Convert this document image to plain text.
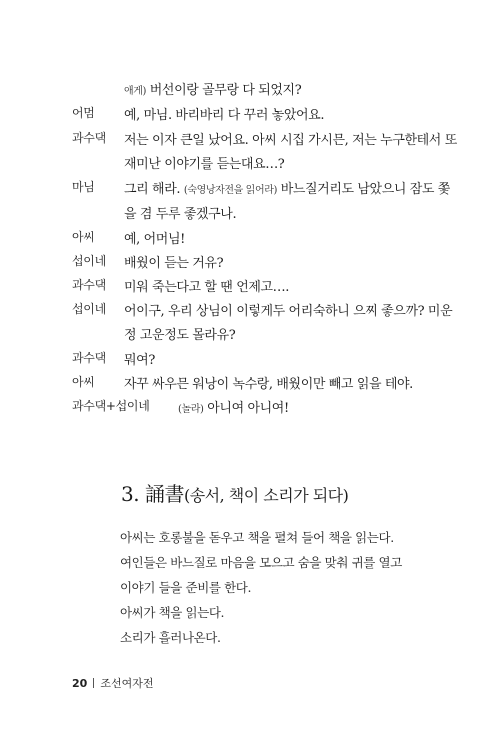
애게) 버선이랑 골무랑 다 되었지?
어멈 예, 마님. 바리바리 다 꾸러 놓았어요.
과수댁 저는 이자 큰일 났어요. 아씨 시집 가시믄, 저는 누구한테서 또
재미난 이야기를 듣는대요…?
마님 그리 해라. (숙영낭자전을 읽어라) 바느질거리도 남았으니 잠도 쫓
을 겸 두루 좋겠구나.
아씨 예, 어머님!
섭이네 배웠이 듣는 거유?
과수댁 미워 죽는다고 할 땐 언제고….
섭이네 어이구, 우리 상님이 이렇게두 어리숙하니 으찌 좋으까? 미운
정 고운정도 몰라유?
과수댁 뭐여?
아씨 자꾸 싸우믄 워낭이 녹수랑, 배웠이만 빼고 읽을 테야.
과수댁+섭이네	(놀라) 아니여 아니여!
3. 誦書(송서, 책이 소리가 되다)
아씨는 호롱불을 돋우고 책을 펼쳐 들어 책을 읽는다.
여인들은 바느질로 마음을 모으고 숨을 맞춰 귀를 열고
이야기 들을 준비를 한다.
아씨가 책을 읽는다.
소리가 흘러나온다.
20 조선여자전
